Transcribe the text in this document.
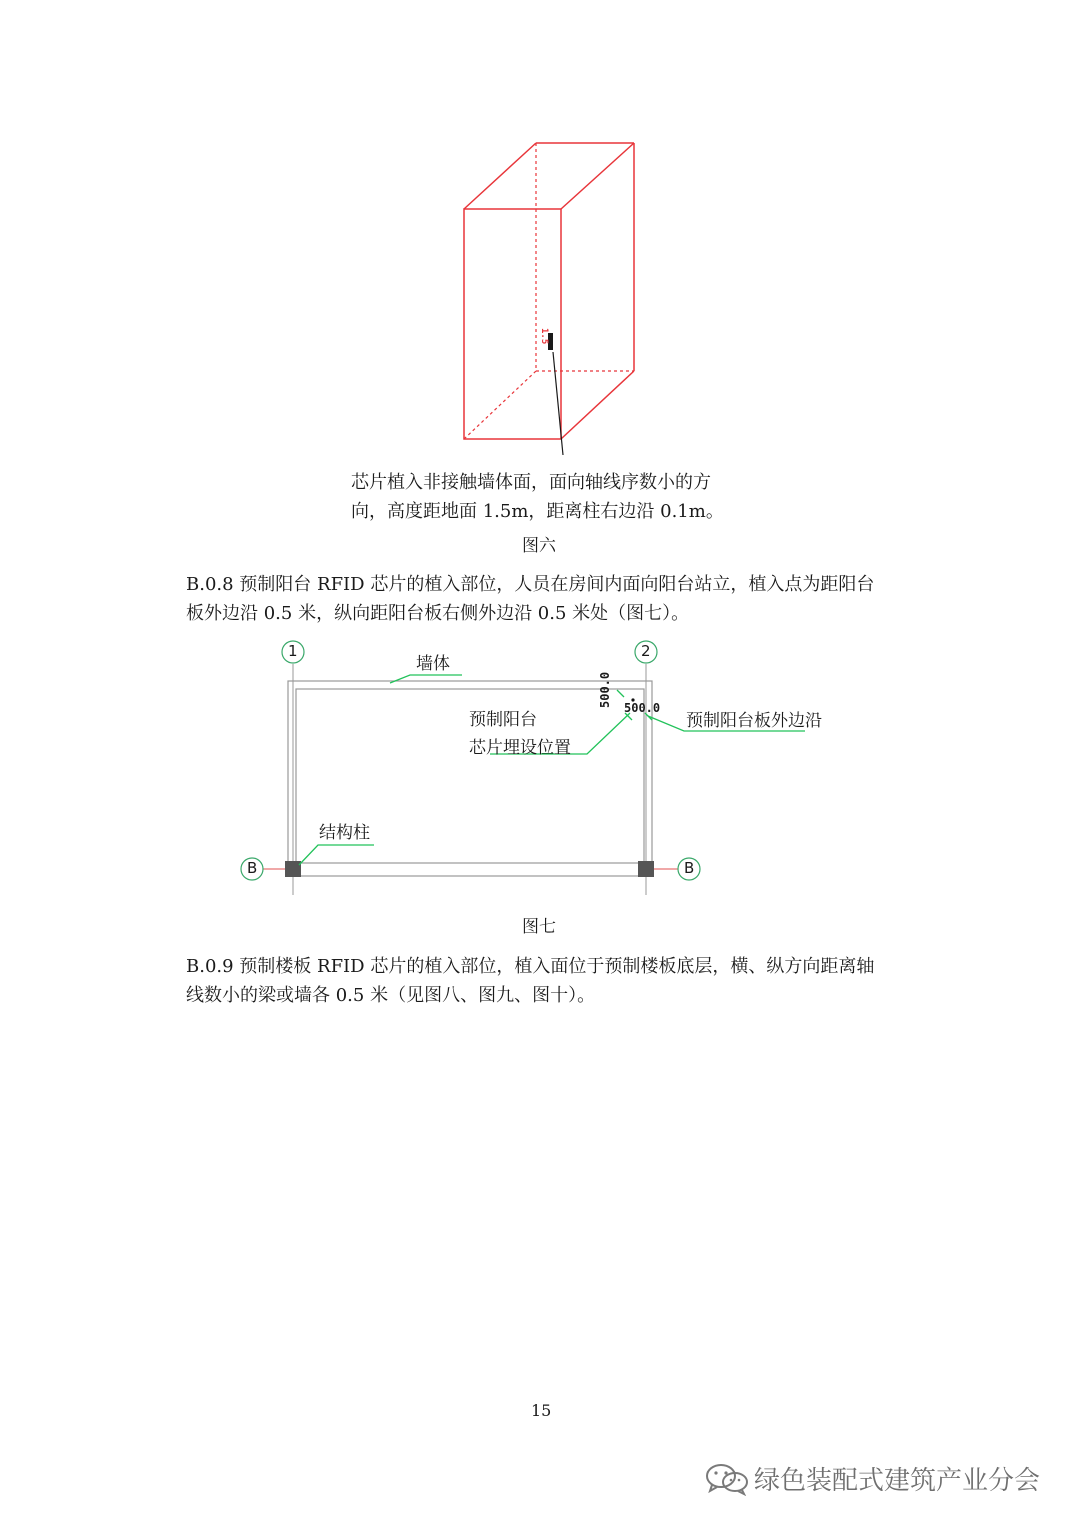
1.5
芯片植入非接触墙体面，面向轴线序数小的方
向，高度距地面 1.5m，距离柱右边沿 0.1m。
图六
B.0.8 预制阳台 RFID 芯片的植入部位，人员在房间内面向阳台站立，植入点为距阳台
板外边沿 0.5 米，纵向距阳台板右侧外边沿 0.5 米处（图七）。
1	2
B	B
墙体
预制阳台
芯片埋设位置
预制阳台板外边沿
结构柱
500.0 500.0
图七
B.0.9 预制楼板 RFID 芯片的植入部位，植入面位于预制楼板底层，横、纵方向距离轴
线数小的梁或墙各 0.5 米（见图八、图九、图十）。
15
绿色装配式建筑产业分会
